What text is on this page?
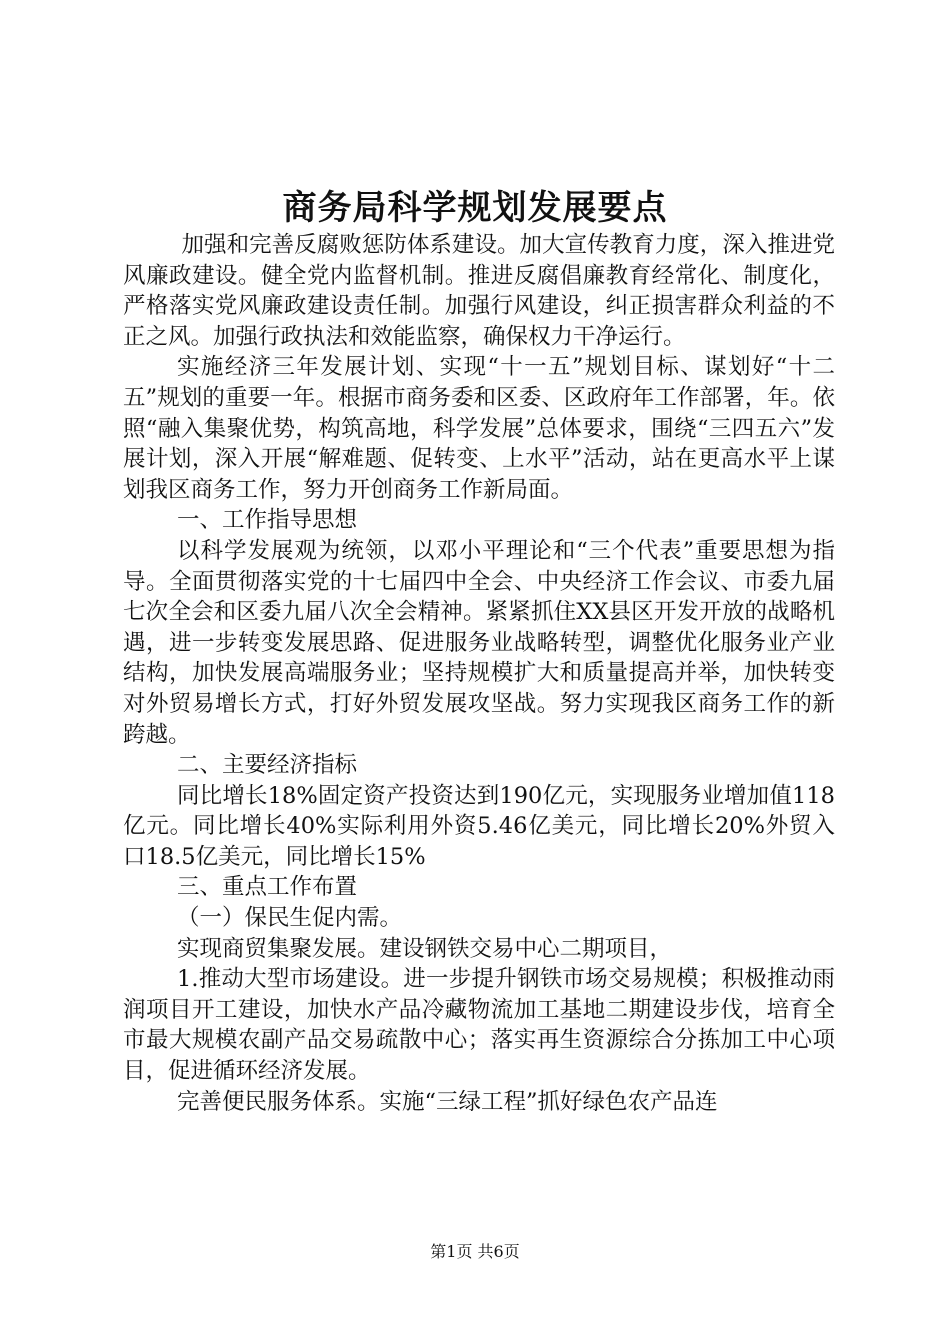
商务局科学规划发展要点

加强和完善反腐败惩防体系建设。加大宣传教育力度，深入推进党风廉政建设。健全党内监督机制。推进反腐倡廉教育经常化、制度化，严格落实党风廉政建设责任制。加强行风建设，纠正损害群众利益的不正之风。加强行政执法和效能监察，确保权力干净运行。

实施经济三年发展计划、实现“十一五”规划目标、谋划好“十二五”规划的重要一年。根据市商务委和区委、区政府年工作部署，年。依照“融入集聚优势，构筑高地，科学发展”总体要求，围绕“三四五六”发展计划，深入开展“解难题、促转变、上水平”活动，站在更高水平上谋划我区商务工作，努力开创商务工作新局面。

一、工作指导思想

以科学发展观为统领，以邓小平理论和“三个代表”重要思想为指导。全面贯彻落实党的十七届四中全会、中央经济工作会议、市委九届七次全会和区委九届八次全会精神。紧紧抓住XX县区开发开放的战略机遇，进一步转变发展思路、促进服务业战略转型，调整优化服务业产业结构，加快发展高端服务业；坚持规模扩大和质量提高并举，加快转变对外贸易增长方式，打好外贸发展攻坚战。努力实现我区商务工作的新跨越。

二、主要经济指标

同比增长18%固定资产投资达到190亿元，实现服务业增加值118亿元。同比增长40%实际利用外资5.46亿美元，同比增长20%外贸入口18.5亿美元，同比增长15%

三、重点工作布置

（一）保民生促内需。

实现商贸集聚发展。建设钢铁交易中心二期项目，

1.推动大型市场建设。进一步提升钢铁市场交易规模；积极推动雨润项目开工建设，加快水产品冷藏物流加工基地二期建设步伐，培育全市最大规模农副产品交易疏散中心；落实再生资源综合分拣加工中心项目，促进循环经济发展。

完善便民服务体系。实施“三绿工程”抓好绿色农产品连

第1页 共6页
